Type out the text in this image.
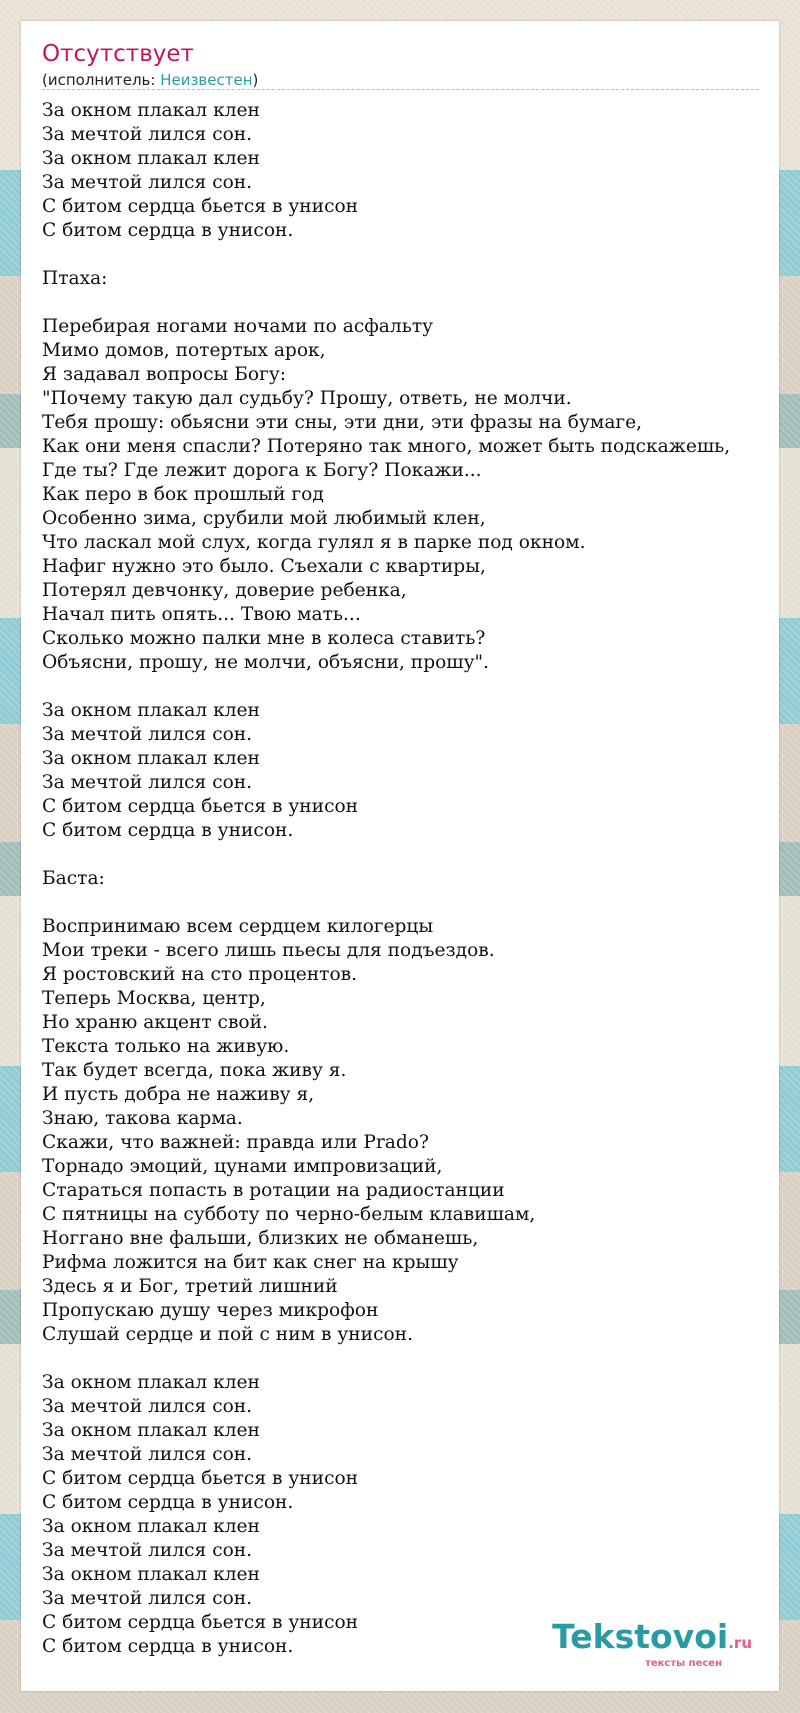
Отсутствует
(исполнитель: Неизвестен)
За окном плакал клен
За мечтой лился сон.
За окном плакал клен
За мечтой лился сон.
С битом сердца бьется в унисон
С битом сердца в унисон.

Птаха:

Перебирая ногами ночами по асфальту
Мимо домов, потертых арок,
Я задавал вопросы Богу:
"Почему такую дал судьбу? Прошу, ответь, не молчи.
Тебя прошу: обьясни эти сны, эти дни, эти фразы на бумаге,
Как они меня спасли? Потеряно так много, может быть подскажешь,
Где ты? Где лежит дорога к Богу? Покажи...
Как перо в бок прошлый год
Особенно зима, срубили мой любимый клен,
Что ласкал мой слух, когда гулял я в парке под окном.
Нафиг нужно это было. Съехали с квартиры,
Потерял девчонку, доверие ребенка,
Начал пить опять... Твою мать...
Сколько можно палки мне в колеса ставить?
Объясни, прошу, не молчи, объясни, прошу".

За окном плакал клен
За мечтой лился сон.
За окном плакал клен
За мечтой лился сон.
С битом сердца бьется в унисон
С битом сердца в унисон.

Баста:

Воспринимаю всем сердцем килогерцы
Мои треки - всего лишь пьесы для подъездов.
Я ростовский на сто процентов.
Теперь Москва, центр,
Но храню акцент свой.
Текста только на живую.
Так будет всегда, пока живу я.
И пусть добра не наживу я,
Знаю, такова карма.
Скажи, что важней: правда или Prado?
Торнадо эмоций, цунами импровизаций,
Стараться попасть в ротации на радиостанции
С пятницы на субботу по черно-белым клавишам,
Ноггано вне фальши, близких не обманешь,
Рифма ложится на бит как снег на крышу
Здесь я и Бог, третий лишний
Пропускаю душу через микрофон
Слушай сердце и пой с ним в унисон.

За окном плакал клен
За мечтой лился сон.
За окном плакал клен
За мечтой лился сон.
С битом сердца бьется в унисон
С битом сердца в унисон.
За окном плакал клен
За мечтой лился сон.
За окном плакал клен
За мечтой лился сон.
С битом сердца бьется в унисон
С битом сердца в унисон.	Tekstovoi.ru
тексты песен
